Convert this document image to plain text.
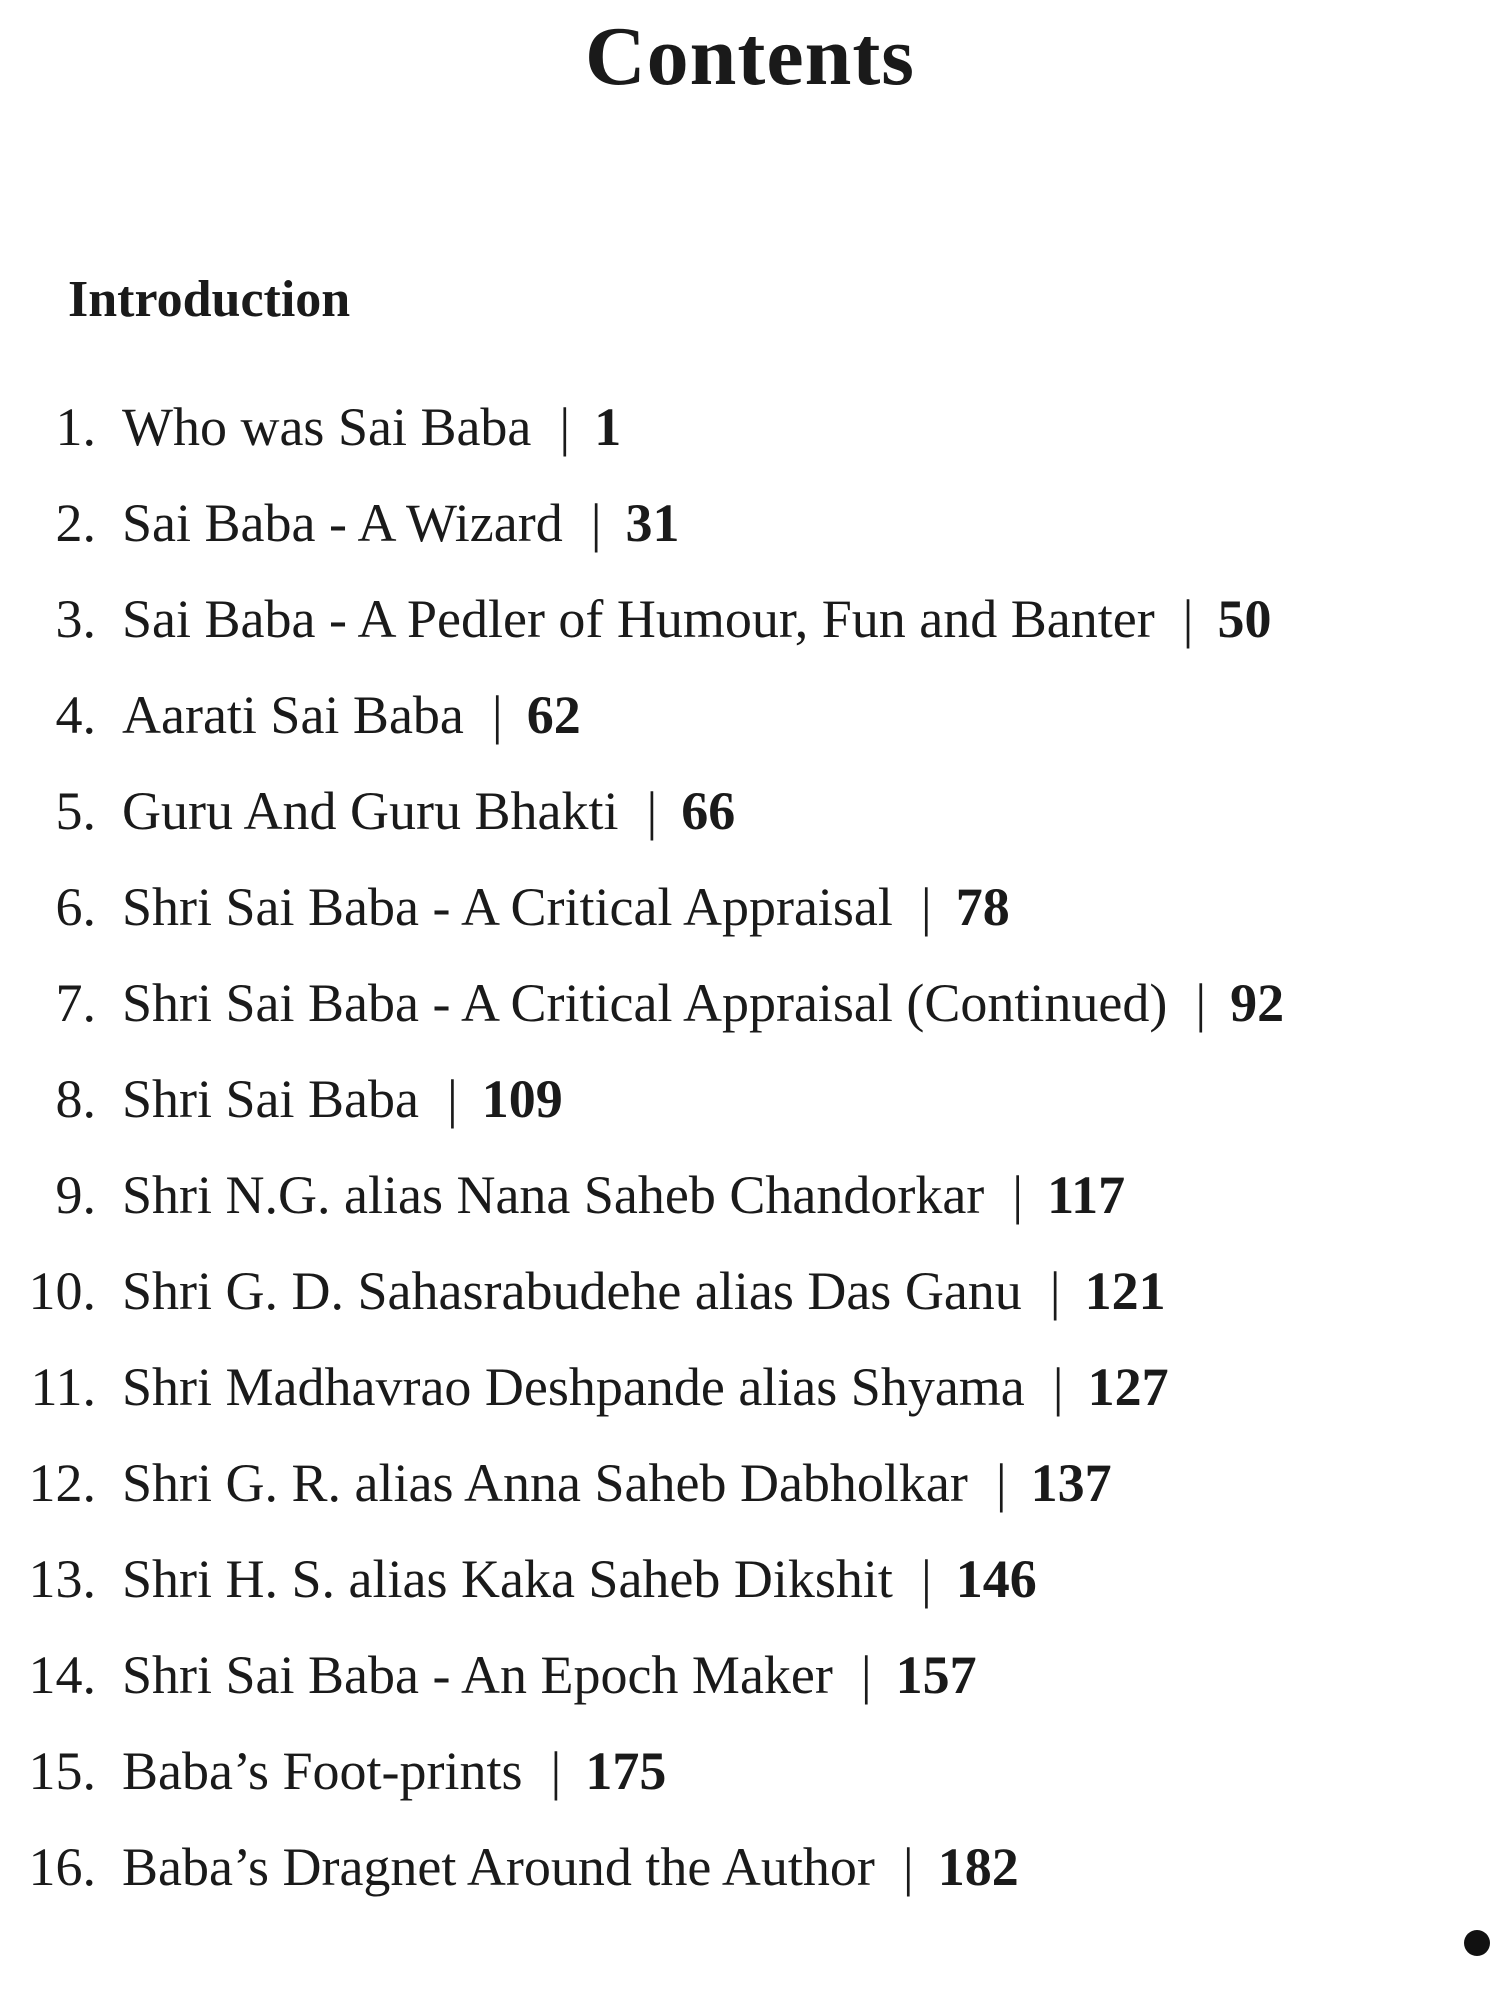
Contents
Introduction
1. Who was Sai Baba | 1
2. Sai Baba - A Wizard | 31
3. Sai Baba - A Pedler of Humour, Fun and Banter | 50
4. Aarati Sai Baba | 62
5. Guru And Guru Bhakti | 66
6. Shri Sai Baba - A Critical Appraisal | 78
7. Shri Sai Baba - A Critical Appraisal (Continued) | 92
8. Shri Sai Baba | 109
9. Shri N.G. alias Nana Saheb Chandorkar | 117
10. Shri G. D. Sahasrabudehe alias Das Ganu | 121
11. Shri Madhavrao Deshpande alias Shyama | 127
12. Shri G. R. alias Anna Saheb Dabholkar | 137
13. Shri H. S. alias Kaka Saheb Dikshit | 146
14. Shri Sai Baba - An Epoch Maker | 157
15. Baba’s Foot-prints | 175
16. Baba’s Dragnet Around the Author | 182
